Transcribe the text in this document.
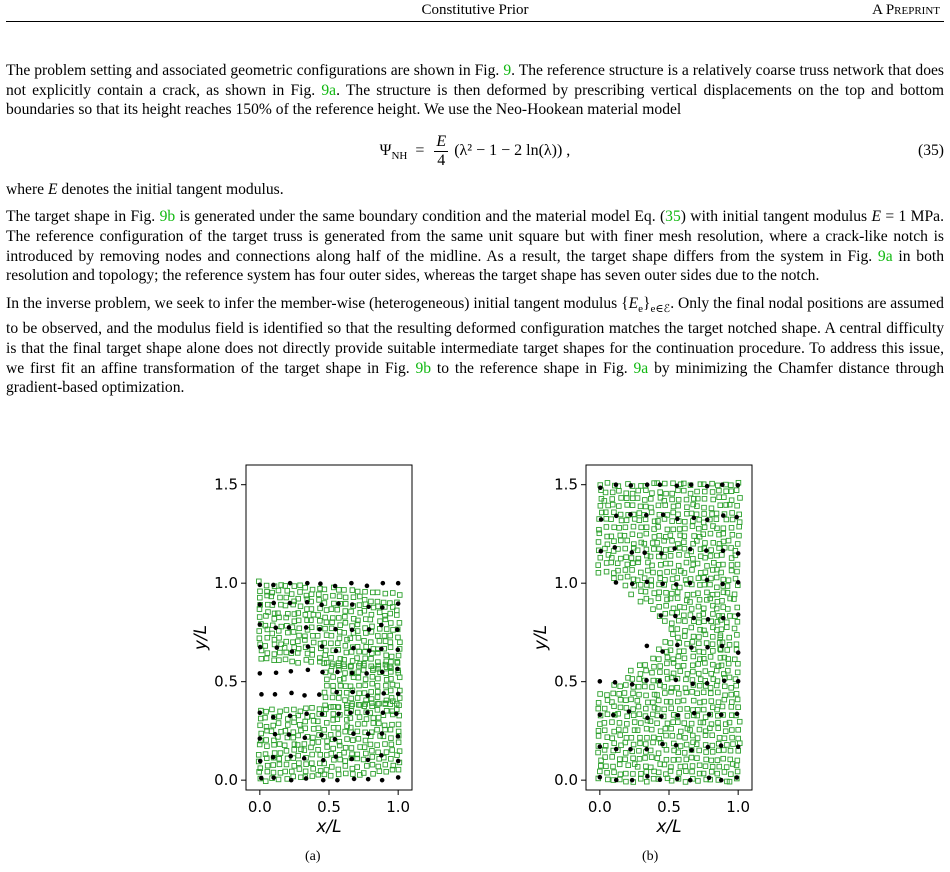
Constitutive Prior	A Preprint

The problem setting and associated geometric configurations are shown in Fig. 9. The reference structure is a relatively coarse truss network that does not explicitly contain a crack, as shown in Fig. 9a. The structure is then deformed by prescribing vertical displacements on the top and bottom boundaries so that its height reaches 150% of the reference height. We use the Neo-Hookean material model

$\Psi_{NH} = \frac{E}{4} (\lambda^2 - 1 - 2$ ln(λ)) ,	(35)

where E denotes the initial tangent modulus.

The target shape in Fig. 9b is generated under the same boundary condition and the material model Eq. (35) with initial tangent modulus E = 1 MPa. The reference configuration of the target truss is generated from the same unit square but with finer mesh resolution, where a crack-like notch is introduced by removing nodes and connections along half of the midline. As a result, the target shape differs from the system in Fig. 9a in both resolution and topology; the reference system has four outer sides, whereas the target shape has seven outer sides due to the notch.

In the inverse problem, we seek to infer the member-wise (heterogeneous) initial tangent modulus $\{E_e\}_{e\in ℰ}$. Only the final nodal positions are assumed to be observed, and the modulus field is identified so that the resulting deformed configuration matches the target notched shape. A central difficulty is that the final target shape alone does not directly provide suitable intermediate target shapes for the continuation procedure. To address this issue, we first fit an affine transformation of the target shape in Fig. 9b to the reference shape in Fig. 9a by minimizing the Chamfer distance through gradient-based optimization.

0.0	0.5	1.0
0.0
0.5
1.0
1.5
x/L
y/L
(a)
0.0	0.5	1.0
0.0
0.5
1.0
1.5
x/L
y/L
(b)
